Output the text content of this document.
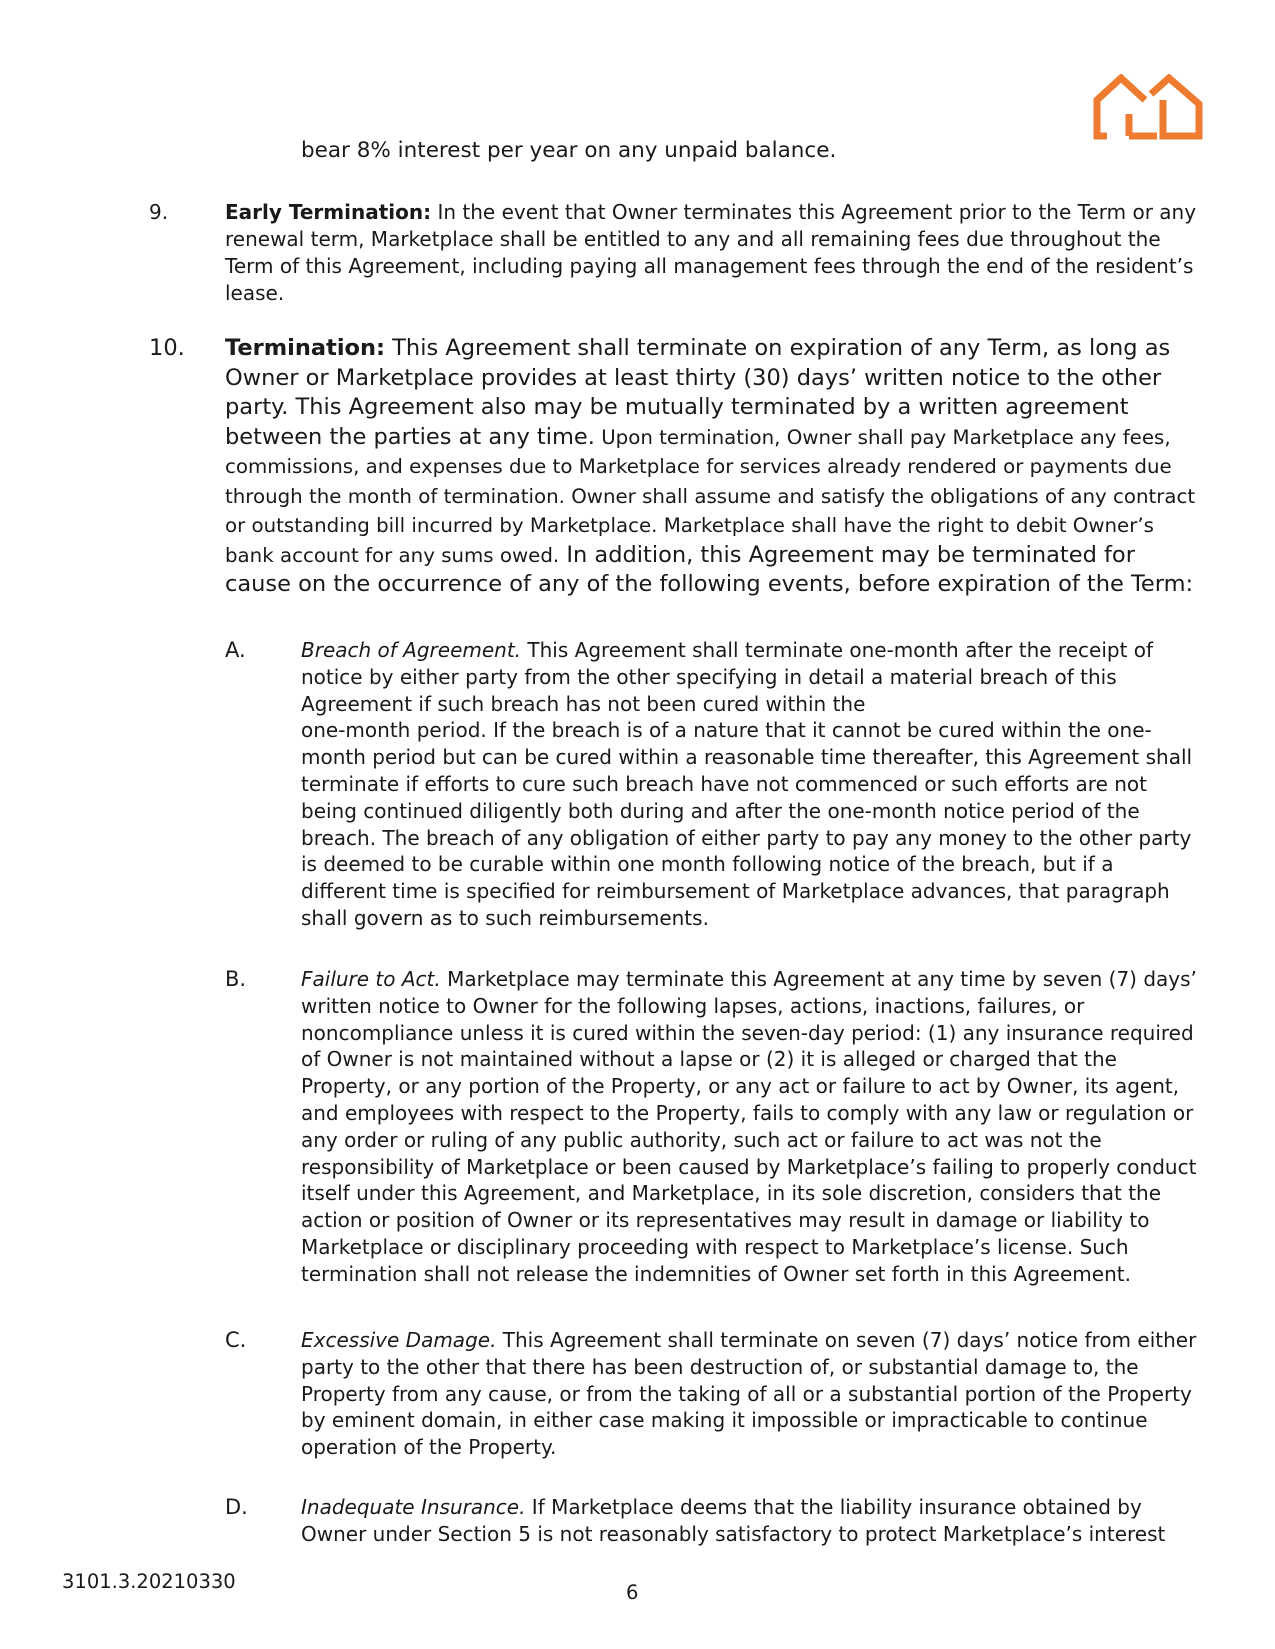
bear 8% interest per year on any unpaid balance.

9.	Early Termination: In the event that Owner terminates this Agreement prior to the Term or any renewal term, Marketplace shall be entitled to any and all remaining fees due throughout the Term of this Agreement, including paying all management fees through the end of the resident’s lease.

10. Termination: This Agreement shall terminate on expiration of any Term, as long as Owner or Marketplace provides at least thirty (30) days’ written notice to the other party. This Agreement also may be mutually terminated by a written agreement between the parties at any time. Upon termination, Owner shall pay Marketplace any fees, commissions, and expenses due to Marketplace for services already rendered or payments due through the month of termination. Owner shall assume and satisfy the obligations of any contract or outstanding bill incurred by Marketplace. Marketplace shall have the right to debit Owner’s bank account for any sums owed. In addition, this Agreement may be terminated for cause on the occurrence of any of the following events, before expiration of the Term:

A.	Breach of Agreement. This Agreement shall terminate one-month after the receipt of notice by either party from the other specifying in detail a material breach of this Agreement if such breach has not been cured within the
one-month period. If the breach is of a nature that it cannot be cured within the one-month period but can be cured within a reasonable time thereafter, this Agreement shall terminate if efforts to cure such breach have not commenced or such efforts are not being continued diligently both during and after the one-month notice period of the breach. The breach of any obligation of either party to pay any money to the other party is deemed to be curable within one month following notice of the breach, but if a different time is specified for reimbursement of Marketplace advances, that paragraph shall govern as to such reimbursements.

B.	Failure to Act. Marketplace may terminate this Agreement at any time by seven (7) days’ written notice to Owner for the following lapses, actions, inactions, failures, or noncompliance unless it is cured within the seven-day period: (1) any insurance required of Owner is not maintained without a lapse or (2) it is alleged or charged that the Property, or any portion of the Property, or any act or failure to act by Owner, its agent, and employees with respect to the Property, fails to comply with any law or regulation or any order or ruling of any public authority, such act or failure to act was not the responsibility of Marketplace or been caused by Marketplace’s failing to properly conduct itself under this Agreement, and Marketplace, in its sole discretion, considers that the action or position of Owner or its representatives may result in damage or liability to Marketplace or disciplinary proceeding with respect to Marketplace’s license. Such termination shall not release the indemnities of Owner set forth in this Agreement.

C.	Excessive Damage. This Agreement shall terminate on seven (7) days’ notice from either party to the other that there has been destruction of, or substantial damage to, the Property from any cause, or from the taking of all or a substantial portion of the Property by eminent domain, in either case making it impossible or impracticable to continue operation of the Property.

D.	Inadequate Insurance. If Marketplace deems that the liability insurance obtained by Owner under Section 5 is not reasonably satisfactory to protect Marketplace’s interest

3101.3.20210330	6
